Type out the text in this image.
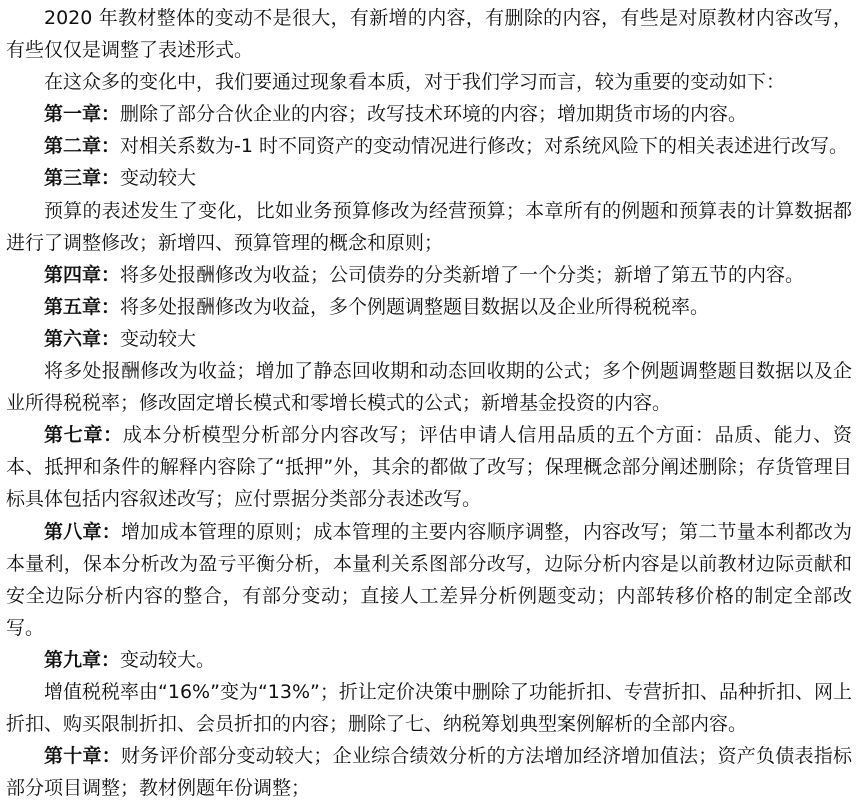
2020 年教材整体的变动不是很大，有新增的内容，有删除的内容，有些是对原教材内容改写，有些仅仅是调整了表述形式。

在这众多的变化中，我们要通过现象看本质，对于我们学习而言，较为重要的变动如下：

第一章：删除了部分合伙企业的内容；改写技术环境的内容；增加期货市场的内容。

第二章：对相关系数为-1 时不同资产的变动情况进行修改；对系统风险下的相关表述进行改写。

第三章：变动较大

预算的表述发生了变化，比如业务预算修改为经营预算；本章所有的例题和预算表的计算数据都进行了调整修改；新增四、预算管理的概念和原则；

第四章：将多处报酬修改为收益；公司债券的分类新增了一个分类；新增了第五节的内容。

第五章：将多处报酬修改为收益，多个例题调整题目数据以及企业所得税税率。

第六章：变动较大

将多处报酬修改为收益；增加了静态回收期和动态回收期的公式；多个例题调整题目数据以及企业所得税税率；修改固定增长模式和零增长模式的公式；新增基金投资的内容。

第七章：成本分析模型分析部分内容改写；评估申请人信用品质的五个方面：品质、能力、资本、抵押和条件的解释内容除了“抵押”外，其余的都做了改写；保理概念部分阐述删除；存货管理目标具体包括内容叙述改写；应付票据分类部分表述改写。

第八章：增加成本管理的原则；成本管理的主要内容顺序调整，内容改写；第二节量本利都改为本量利，保本分析改为盈亏平衡分析，本量利关系图部分改写，边际分析内容是以前教材边际贡献和安全边际分析内容的整合，有部分变动；直接人工差异分析例题变动；内部转移价格的制定全部改写。

第九章：变动较大。

增值税税率由“16%”变为“13%”；折让定价决策中删除了功能折扣、专营折扣、品种折扣、网上折扣、购买限制折扣、会员折扣的内容；删除了七、纳税筹划典型案例解析的全部内容。

第十章：财务评价部分变动较大；企业综合绩效分析的方法增加经济增加值法；资产负债表指标部分项目调整；教材例题年份调整；
